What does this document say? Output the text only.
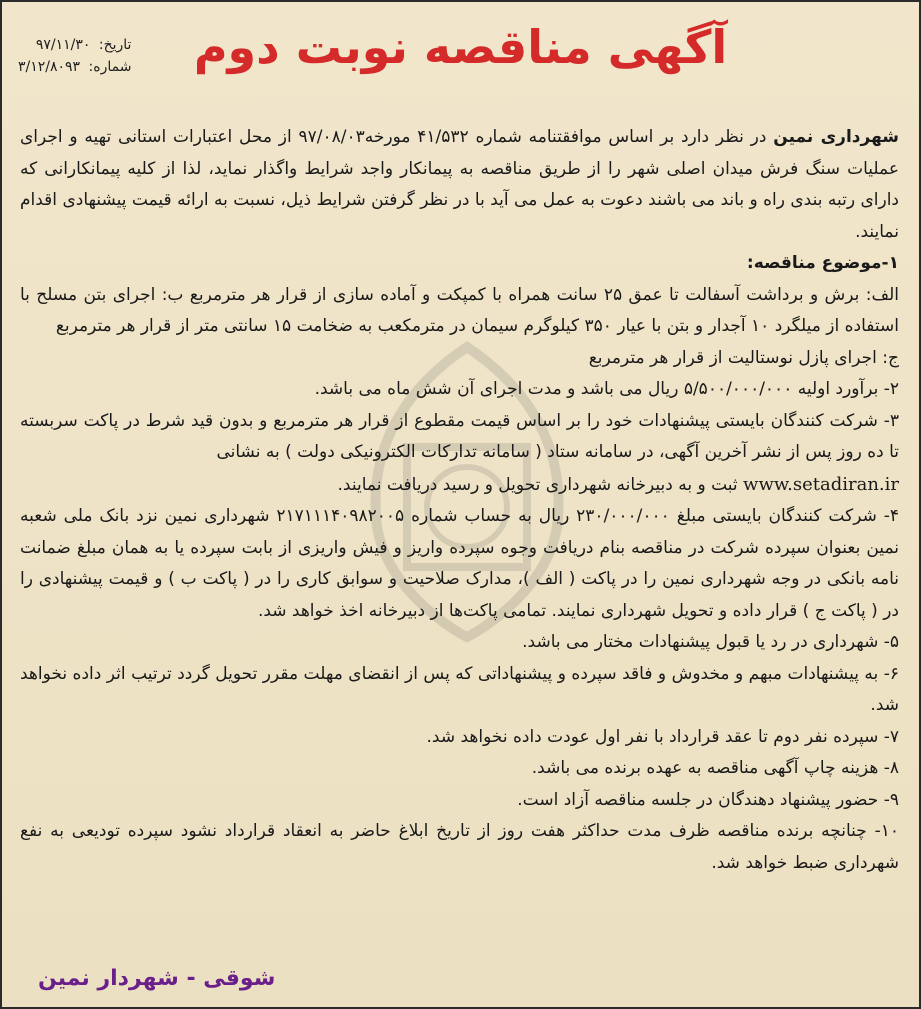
آگهی مناقصه نوبت دوم
تاریخ: ۹۷/۱۱/۳۰
شماره: ۳/۱۲/۸۰۹۳

شهرداری نمین در نظر دارد بر اساس موافقتنامه شماره ۴۱/۵۳۲ مورخه۹۷/۰۸/۰۳ از محل اعتبارات استانی تهیه و اجرای عملیات سنگ فرش میدان اصلی شهر را از طریق مناقصه به پیمانکار واجد شرایط واگذار نماید، لذا از کلیه پیمانکارانی که دارای رتبه بندی راه و باند می باشند دعوت به عمل می آید با در نظر گرفتن شرایط ذیل، نسبت به ارائه قیمت پیشنهادی اقدام نمایند.

۱-موضوع مناقصه:

الف: برش و برداشت آسفالت تا عمق ۲۵ سانت همراه با کمپکت و آماده سازی از قرار هر مترمربع ب: اجرای بتن مسلح با استفاده از میلگرد ۱۰ آجدار و بتن با عیار ۳۵۰ کیلوگرم سیمان در مترمکعب به ضخامت ۱۵ سانتی متر از قرار هر مترمربع

ج: اجرای پازل نوستالیت از قرار هر مترمربع

۲- برآورد اولیه ۵/۵۰۰/۰۰۰/۰۰۰ ریال می باشد و مدت اجرای آن شش ماه می باشد.

۳- شرکت کنندگان بایستی پیشنهادات خود را بر اساس قیمت مقطوع از قرار هر مترمربع و بدون قید شرط در پاکت سربسته تا ده روز پس از نشر آخرین آگهی، در سامانه ستاد ( سامانه تدارکات الکترونیکی دولت ) به نشانی
www.setadiran.ir ثبت و به دبیرخانه شهرداری تحویل و رسید دریافت نمایند.

۴- شرکت کنندگان بایستی مبلغ ۲۳۰/۰۰۰/۰۰۰ ریال به حساب شماره ۲۱۷۱۱۱۴۰۹۸۲۰۰۵ شهرداری نمین نزد بانک ملی شعبه نمین بعنوان سپرده شرکت در مناقصه بنام دریافت وجوه سپرده واریز و فیش واریزی از بابت سپرده یا به همان مبلغ ضمانت نامه بانکی در وجه شهرداری نمین را در پاکت ( الف )، مدارک صلاحیت و سوابق کاری را در ( پاکت ب ) و قیمت پیشنهادی را در ( پاکت ج ) قرار داده و تحویل شهرداری نمایند. تمامی پاکت‌ها از دبیرخانه اخذ خواهد شد.

۵- شهرداری در رد یا قبول پیشنهادات مختار می باشد.

۶- به پیشنهادات مبهم و مخدوش و فاقد سپرده و پیشنهاداتی که پس از انقضای مهلت مقرر تحویل گردد ترتیب اثر داده نخواهد شد.

۷- سپرده نفر دوم تا عقد قرارداد با نفر اول عودت داده نخواهد شد.

۸- هزینه چاپ آگهی مناقصه به عهده برنده می باشد.

۹- حضور پیشنهاد دهندگان در جلسه مناقصه آزاد است.

۱۰- چنانچه برنده مناقصه ظرف مدت حداکثر هفت روز از تاریخ ابلاغ حاضر به انعقاد قرارداد نشود سپرده تودیعی به نفع شهرداری ضبط خواهد شد.

شوقی - شهردار نمین
